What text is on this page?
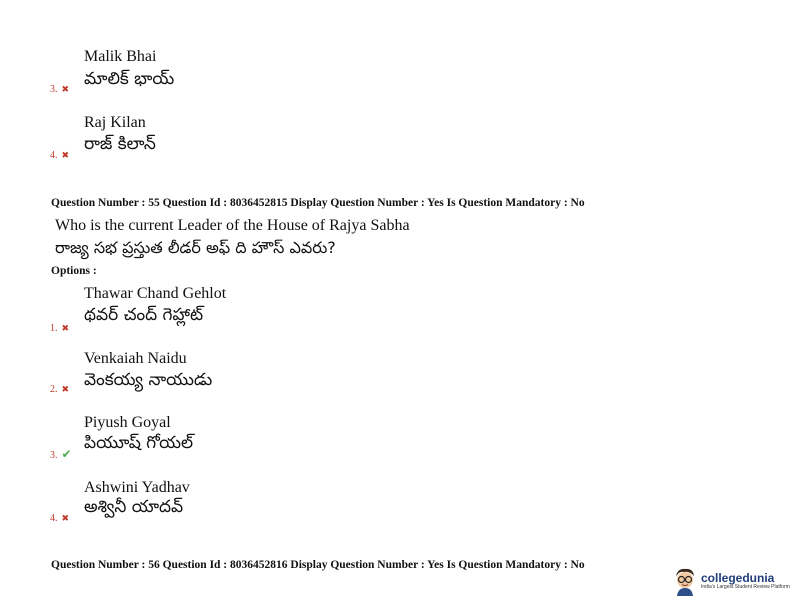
Malik Bhai
3. ✖
మాలిక్ భాయ్
Raj Kilan
4. ✖
రాజ్ కిలాన్
Question Number : 55 Question Id : 8036452815 Display Question Number : Yes Is Question Mandatory : No
Who is the current Leader of the House of Rajya Sabha
రాజ్య సభ ప్రస్తుత లీడర్ అఫ్ ది హౌస్ ఎవరు?
Options :
Thawar Chand Gehlot
1. ✖
థవర్ చంద్ గెహ్లాట్
Venkaiah Naidu
2. ✖ వెంకయ్య నాయుడు
Piyush Goyal
3. ✔
పియూష్ గోయల్
Ashwini Yadhav
4. ✖
అశ్వినీ యాదవ్
Question Number : 56 Question Id : 8036452816 Display Question Number : Yes Is Question Mandatory : No
collegedunia
India's Largest Student Review Platform
